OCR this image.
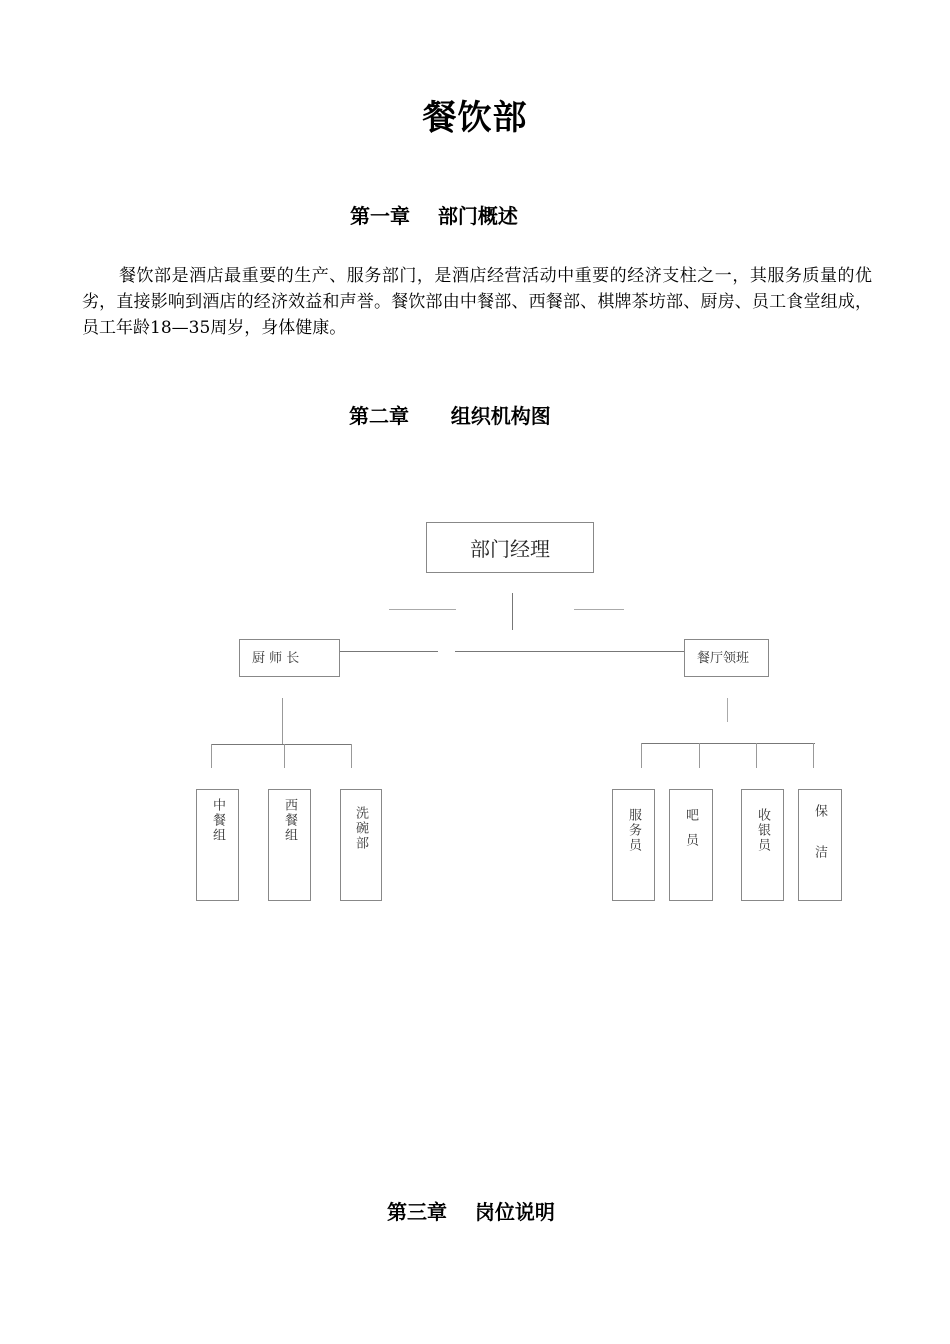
餐饮部
第一章    部门概述
餐饮部是酒店最重要的生产、服务部门，是酒店经营活动中重要的经济支柱之一，其服务质量的优劣，直接影响到酒店的经济效益和声誉。餐饮部由中餐部、西餐部、棋牌茶坊部、厨房、员工食堂组成，员工年龄18—35周岁，身体健康。
第二章      组织机构图
部门经理
厨 师 长	餐厅领班
中餐组	西餐组	洗碗部	服务员	吧员	收银员	保洁
第三章    岗位说明
